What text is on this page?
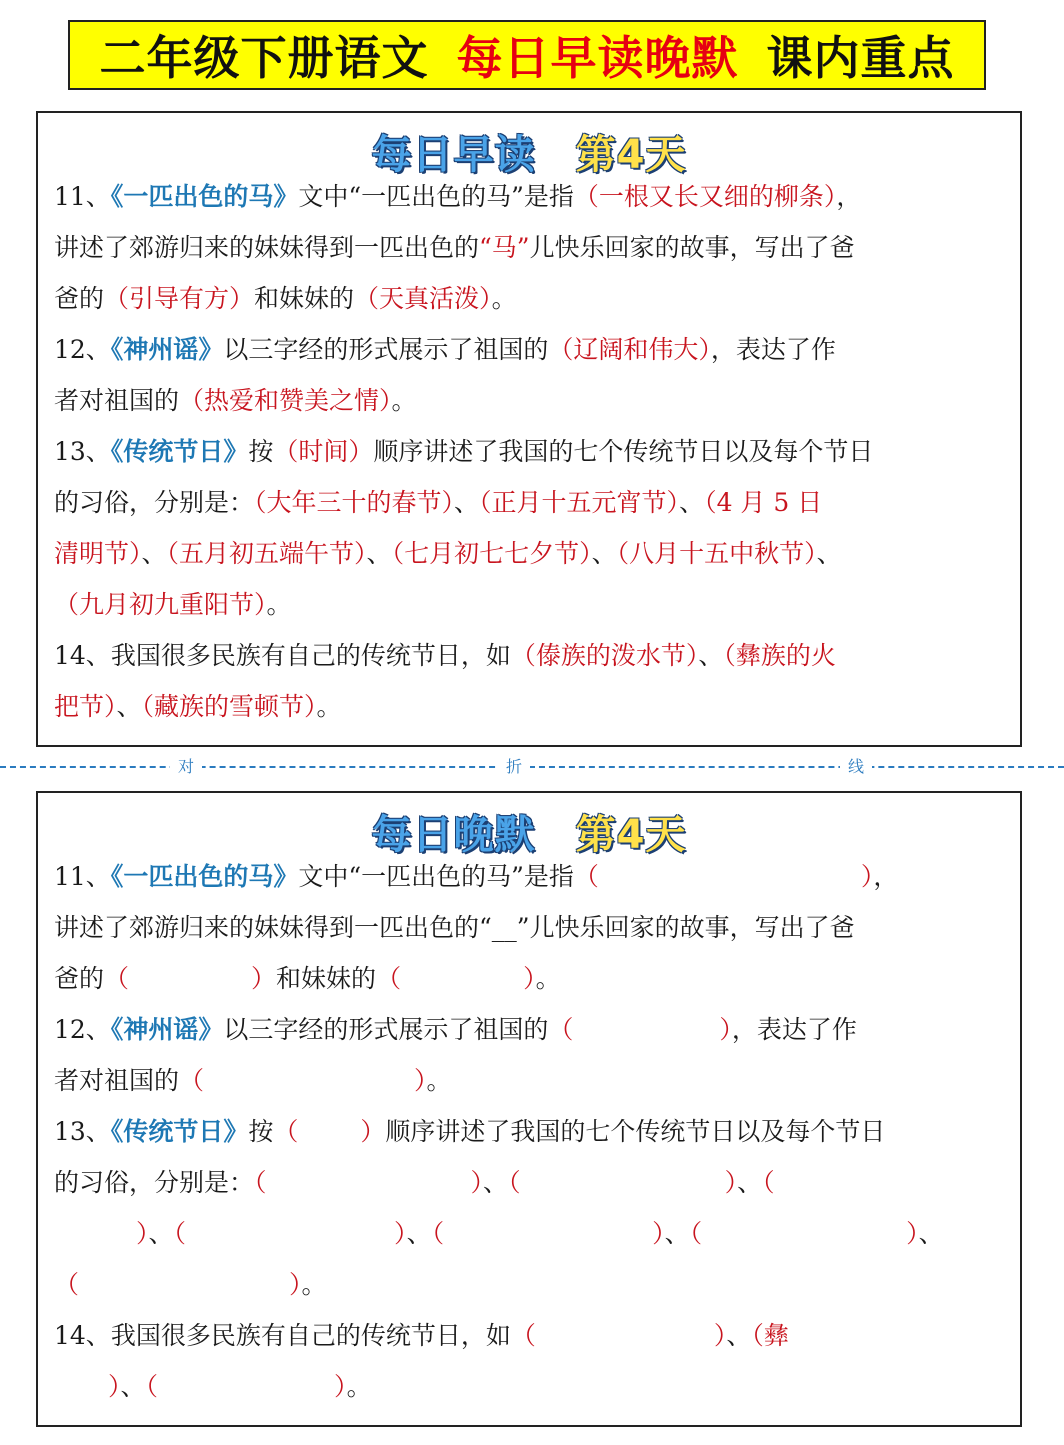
二年级下册语文 每日早读晚默 课内重点
每日早读 第4天
11、《一匹出色的马》文中“一匹出色的马”是指（一根又长又细的柳条），
讲述了郊游归来的妹妹得到一匹出色的“马”儿快乐回家的故事，写出了爸
爸的（引导有方）和妹妹的（天真活泼）。
12、《神州谣》以三字经的形式展示了祖国的（辽阔和伟大），表达了作
者对祖国的（热爱和赞美之情）。
13、《传统节日》按（时间）顺序讲述了我国的七个传统节日以及每个节日
的习俗，分别是：（大年三十的春节）、（正月十五元宵节）、（4 月 5 日
清明节）、（五月初五端午节）、（七月初七七夕节）、（八月十五中秋节）、
（九月初九重阳节）。
14、我国很多民族有自己的传统节日，如（傣族的泼水节）、（彝族的火
把节）、（藏族的雪顿节）。
对	折	线
每日晚默 第4天
11、《一匹出色的马》文中“一匹出色的马”是指（	），
讲述了郊游归来的妹妹得到一匹出色的“__”儿快乐回家的故事，写出了爸
爸的（	）和妹妹的（	）。
12、《神州谣》以三字经的形式展示了祖国的（	），表达了作
者对祖国的（	）。
13、《传统节日》按（ ）顺序讲述了我国的七个传统节日以及每个节日
的习俗，分别是：（	）、（	）、（
）、（	）、（	）、（	）、
（	）。
14、我国很多民族有自己的传统节日，如（	）、（彝
）、（	）。
